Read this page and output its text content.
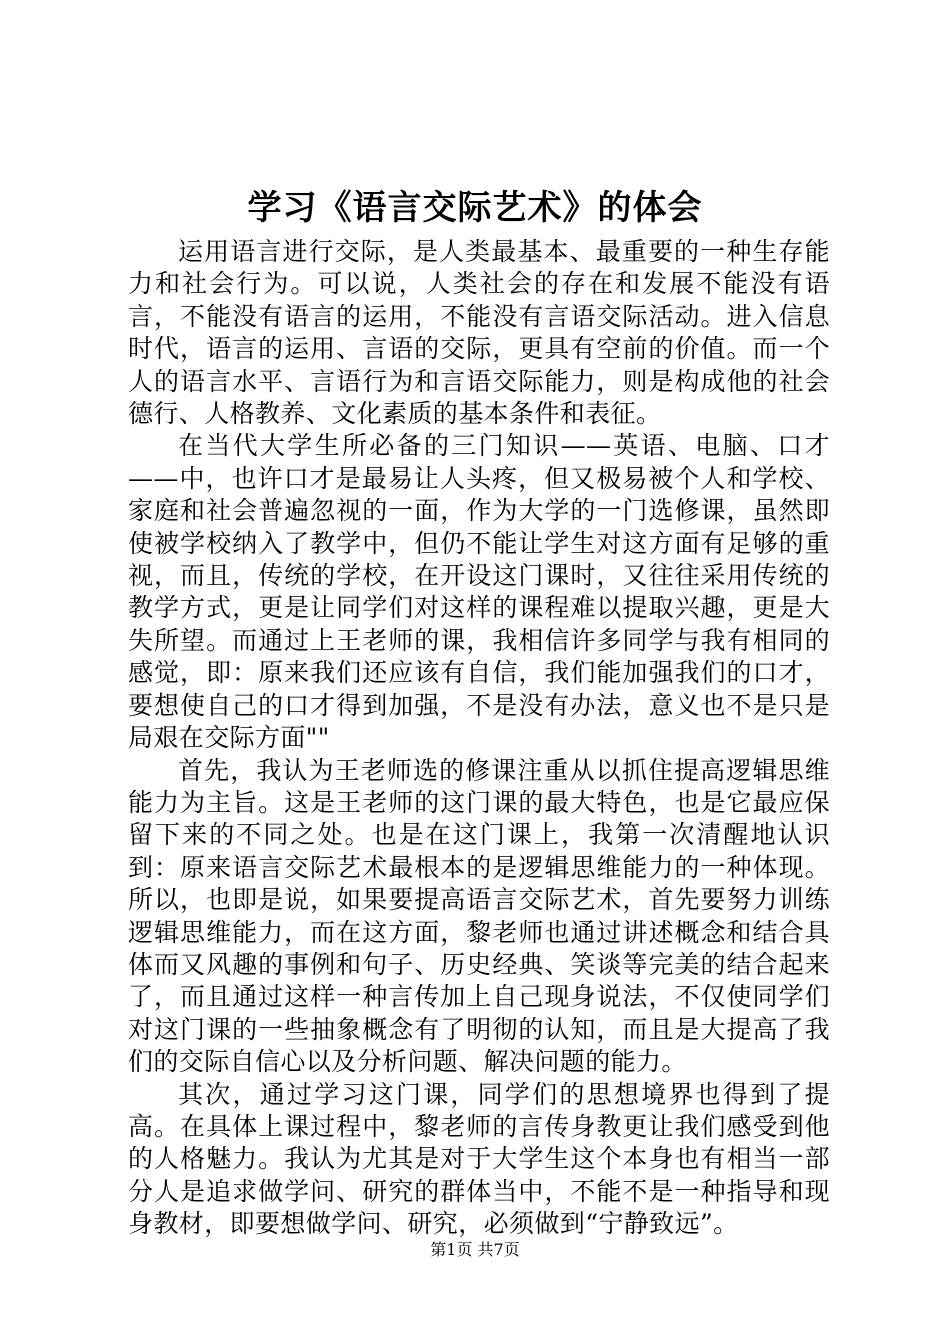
学习《语言交际艺术》的体会

运用语言进行交际，是人类最基本、最重要的一种生存能力和社会行为。可以说，人类社会的存在和发展不能没有语言，不能没有语言的运用，不能没有言语交际活动。进入信息时代，语言的运用、言语的交际，更具有空前的价值。而一个人的语言水平、言语行为和言语交际能力，则是构成他的社会德行、人格教养、文化素质的基本条件和表征。

在当代大学生所必备的三门知识——英语、电脑、口才——中，也许口才是最易让人头疼，但又极易被个人和学校、家庭和社会普遍忽视的一面，作为大学的一门选修课，虽然即使被学校纳入了教学中，但仍不能让学生对这方面有足够的重视，而且，传统的学校，在开设这门课时，又往往采用传统的教学方式，更是让同学们对这样的课程难以提取兴趣，更是大失所望。而通过上王老师的课，我相信许多同学与我有相同的感觉，即：原来我们还应该有自信，我们能加强我们的口才，要想使自己的口才得到加强，不是没有办法，意义也不是只是局艰在交际方面""

首先，我认为王老师选的修课注重从以抓住提高逻辑思维能力为主旨。这是王老师的这门课的最大特色，也是它最应保留下来的不同之处。也是在这门课上，我第一次清醒地认识到：原来语言交际艺术最根本的是逻辑思维能力的一种体现。所以，也即是说，如果要提高语言交际艺术，首先要努力训练逻辑思维能力，而在这方面，黎老师也通过讲述概念和结合具体而又风趣的事例和句子、历史经典、笑谈等完美的结合起来了，而且通过这样一种言传加上自己现身说法，不仅使同学们对这门课的一些抽象概念有了明彻的认知，而且是大提高了我们的交际自信心以及分析问题、解决问题的能力。

其次，通过学习这门课，同学们的思想境界也得到了提高。在具体上课过程中，黎老师的言传身教更让我们感受到他的人格魅力。我认为尤其是对于大学生这个本身也有相当一部分人是追求做学问、研究的群体当中，不能不是一种指导和现身教材，即要想做学问、研究，必须做到“宁静致远”。

第1页 共7页
